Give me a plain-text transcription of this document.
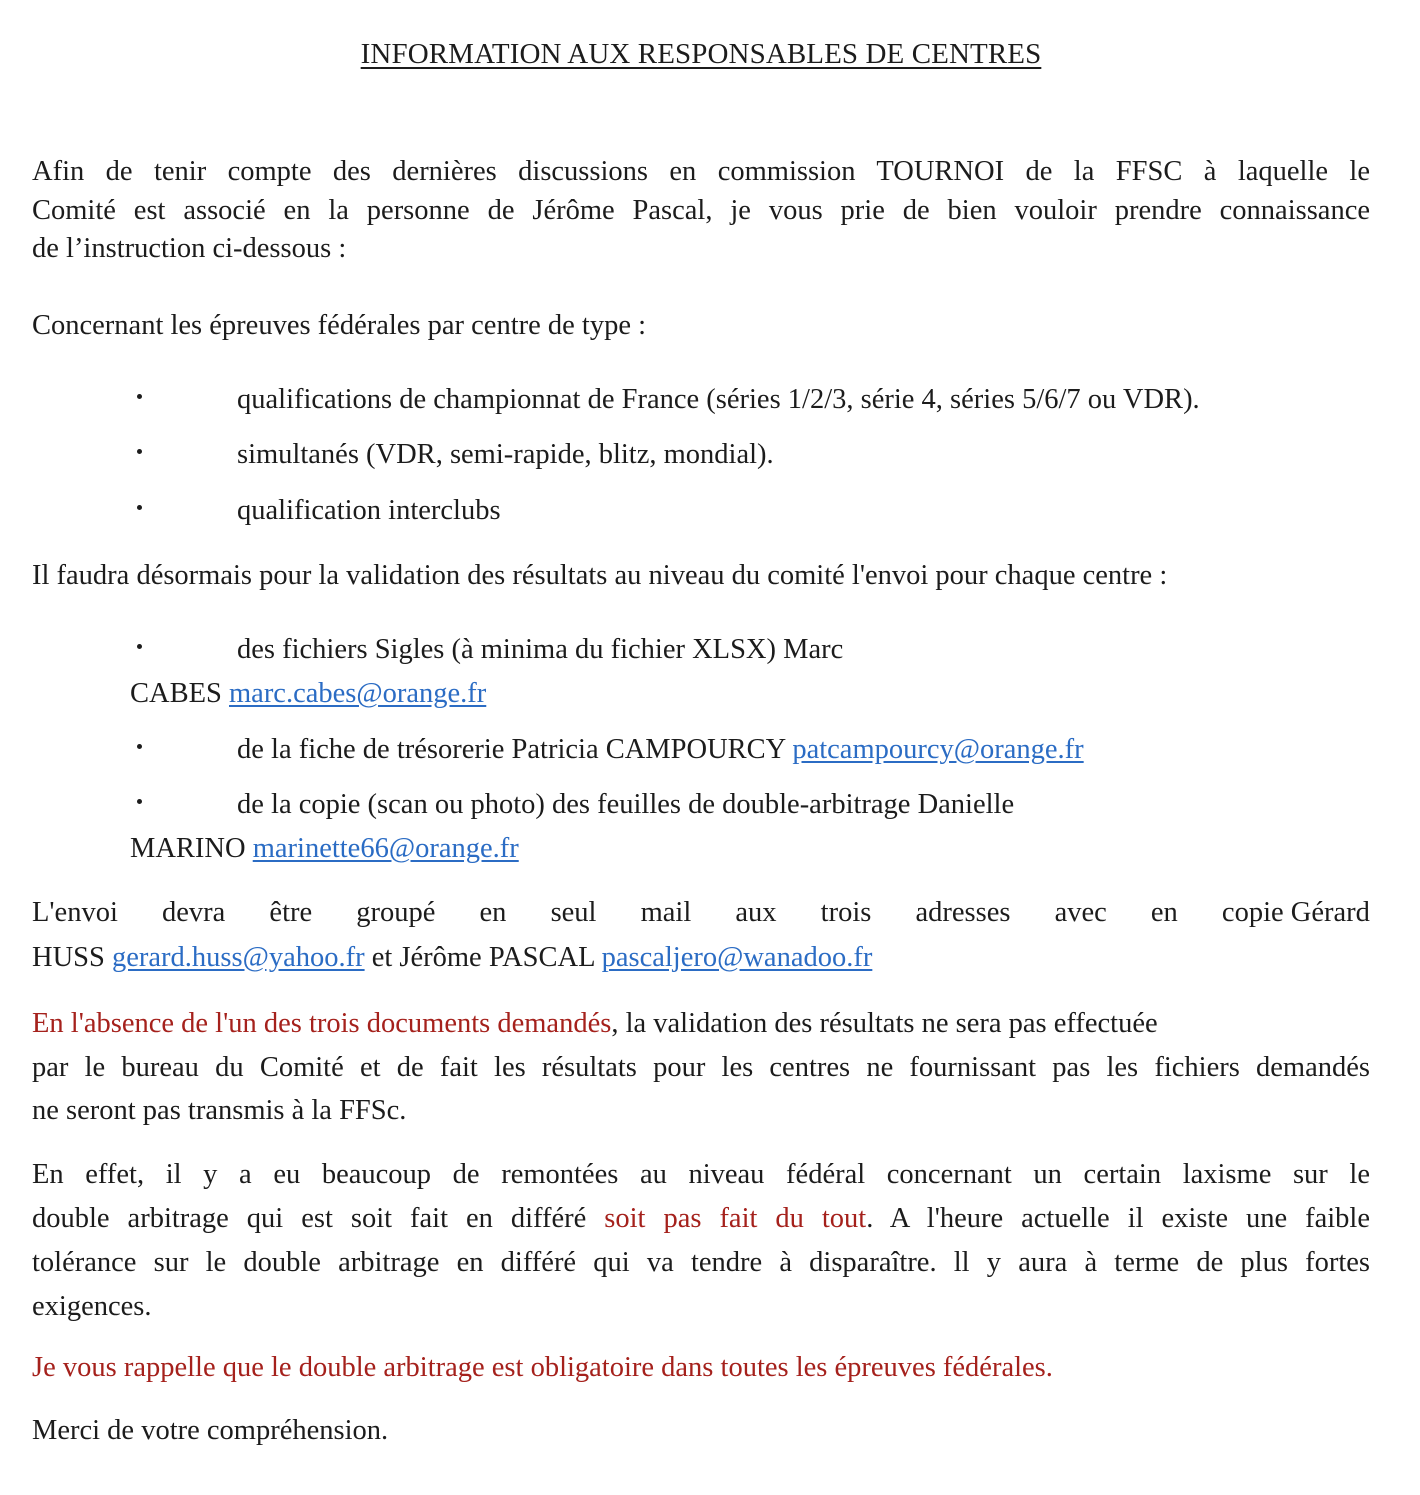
INFORMATION AUX RESPONSABLES DE CENTRES
Afin de tenir compte des dernières discussions en commission TOURNOI de la FFSC à laquelle le
Comité est associé en la personne de Jérôme Pascal, je vous prie de bien vouloir prendre connaissance
de l’instruction ci-dessous :
Concernant les épreuves fédérales par centre de type :
qualifications de championnat de France (séries 1/2/3, série 4, séries 5/6/7 ou VDR).
simultanés (VDR, semi-rapide, blitz, mondial).
qualification interclubs
Il faudra désormais pour la validation des résultats au niveau du comité l'envoi pour chaque centre :
des fichiers Sigles (à minima du fichier XLSX) Marc
CABES marc.cabes@orange.fr
de la fiche de trésorerie Patricia CAMPOURCY patcampourcy@orange.fr
de la copie (scan ou photo) des feuilles de double-arbitrage Danielle
MARINO marinette66@orange.fr
L'envoi devra être groupé en seul mail aux trois adresses avec en copie Gérard
HUSS gerard.huss@yahoo.fr et Jérôme PASCAL pascaljero@wanadoo.fr
En l'absence de l'un des trois documents demandés, la validation des résultats ne sera pas effectuée
par le bureau du Comité et de fait les résultats pour les centres ne fournissant pas les fichiers demandés
ne seront pas transmis à la FFSc.
En effet, il y a eu beaucoup de remontées au niveau fédéral concernant un certain laxisme sur le
double arbitrage qui est soit fait en différé soit pas fait du tout. A l'heure actuelle il existe une faible
tolérance sur le double arbitrage en différé qui va tendre à disparaître. ll y aura à terme de plus fortes
exigences.
Je vous rappelle que le double arbitrage est obligatoire dans toutes les épreuves fédérales.
Merci de votre compréhension.
